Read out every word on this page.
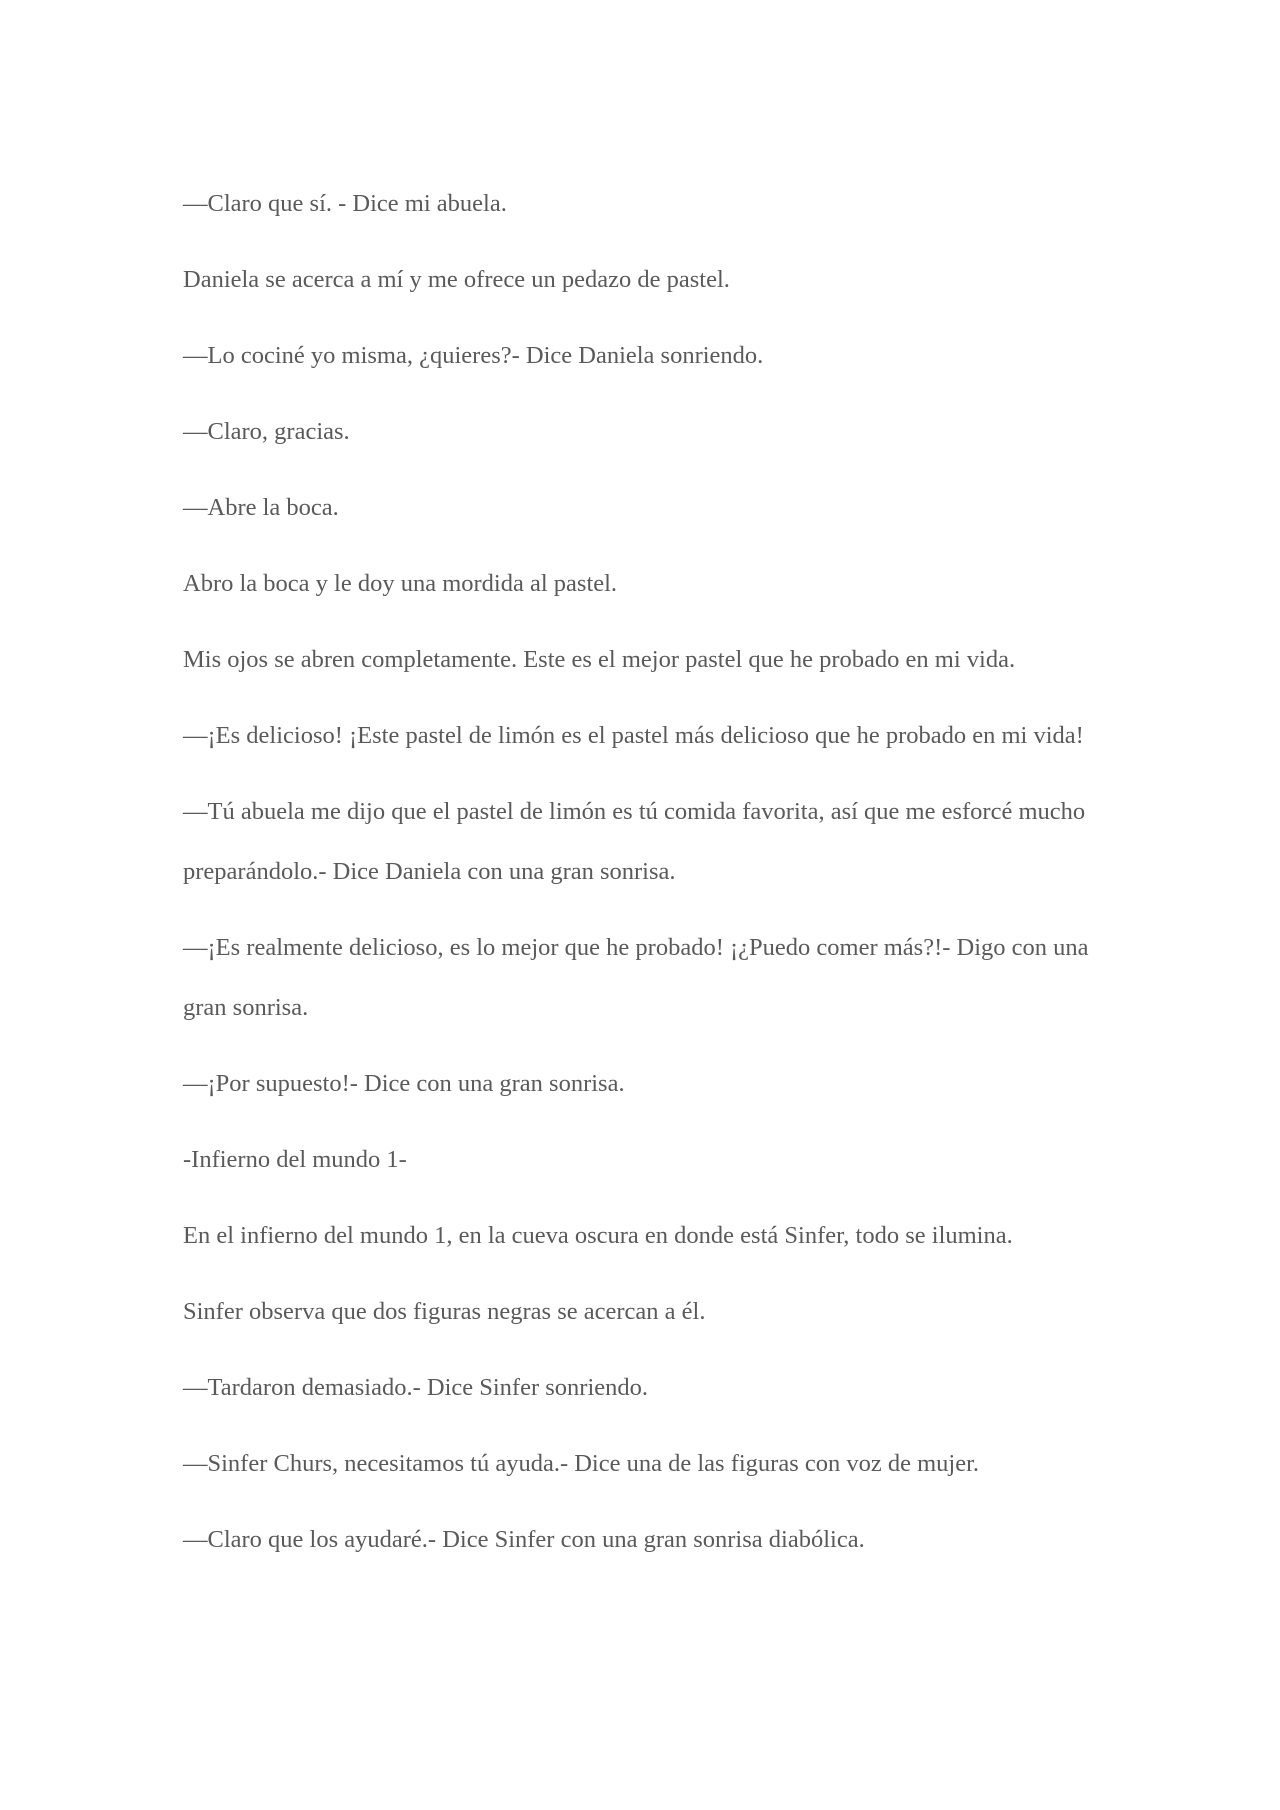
—Claro que sí. - Dice mi abuela.

Daniela se acerca a mí y me ofrece un pedazo de pastel.

—Lo cociné yo misma, ¿quieres?- Dice Daniela sonriendo.

—Claro, gracias.

—Abre la boca.

Abro la boca y le doy una mordida al pastel.

Mis ojos se abren completamente. Este es el mejor pastel que he probado en mi vida.

—¡Es delicioso! ¡Este pastel de limón es el pastel más delicioso que he probado en mi vida!

—Tú abuela me dijo que el pastel de limón es tú comida favorita, así que me esforcé mucho preparándolo.- Dice Daniela con una gran sonrisa.

—¡Es realmente delicioso, es lo mejor que he probado! ¡¿Puedo comer más?!- Digo con una gran sonrisa.

—¡Por supuesto!- Dice con una gran sonrisa.

-Infierno del mundo 1-

En el infierno del mundo 1, en la cueva oscura en donde está Sinfer, todo se ilumina.

Sinfer observa que dos figuras negras se acercan a él.

—Tardaron demasiado.- Dice Sinfer sonriendo.

—Sinfer Churs, necesitamos tú ayuda.- Dice una de las figuras con voz de mujer.

—Claro que los ayudaré.- Dice Sinfer con una gran sonrisa diabólica.
